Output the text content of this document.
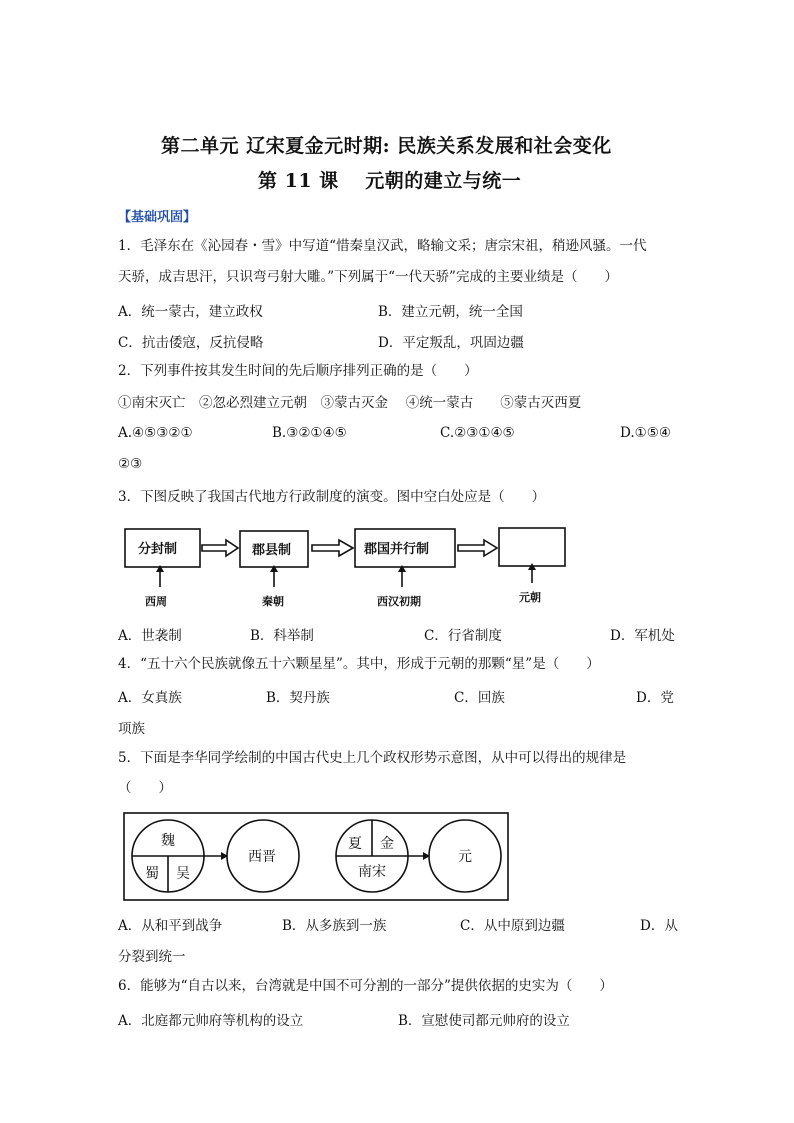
第二单元 辽宋夏金元时期: 民族关系发展和社会变化
第 11 课　 元朝的建立与统一
【基础巩固】
1．毛泽东在《沁园春・雪》中写道“惜秦皇汉武，略输文采；唐宗宋祖，稍逊风骚。一代
天骄，成吉思汗，只识弯弓射大雕。”下列属于“一代天骄”完成的主要业绩是（　　）
A．统一蒙古，建立政权	B．建立元朝，统一全国
C．抗击倭寇，反抗侵略	D．平定叛乱，巩固边疆
2．下列事件按其发生时间的先后顺序排列正确的是（　　）
①南宋灭亡　②忽必烈建立元朝　③蒙古灭金　 ④统一蒙古　　⑤蒙古灭西夏
A.④⑤③②①	B.③②①④⑤	C.②③①④⑤	D.①⑤④
②③
3．下图反映了我国古代地方行政制度的演变。图中空白处应是（　　）
分封制	郡县制	郡国并行制
西周	秦朝	西汉初期	元朝
A．世袭制	B．科举制	C．行省制度	D．军机处
4．“五十六个民族就像五十六颗星星”。其中，形成于元朝的那颗“星”是（　　）
A．女真族	B．契丹族	C．回族	D．党
项族
5．下面是李华同学绘制的中国古代史上几个政权形势示意图，从中可以得出的规律是
（　　）
魏
蜀 吴
西晋
夏 金
南宋
元
A．从和平到战争	B．从多族到一族	C．从中原到边疆	D．从
分裂到统一
6．能够为“自古以来，台湾就是中国不可分割的一部分”提供依据的史实为（　　）
A．北庭都元帅府等机构的设立	B．宣慰使司都元帅府的设立
